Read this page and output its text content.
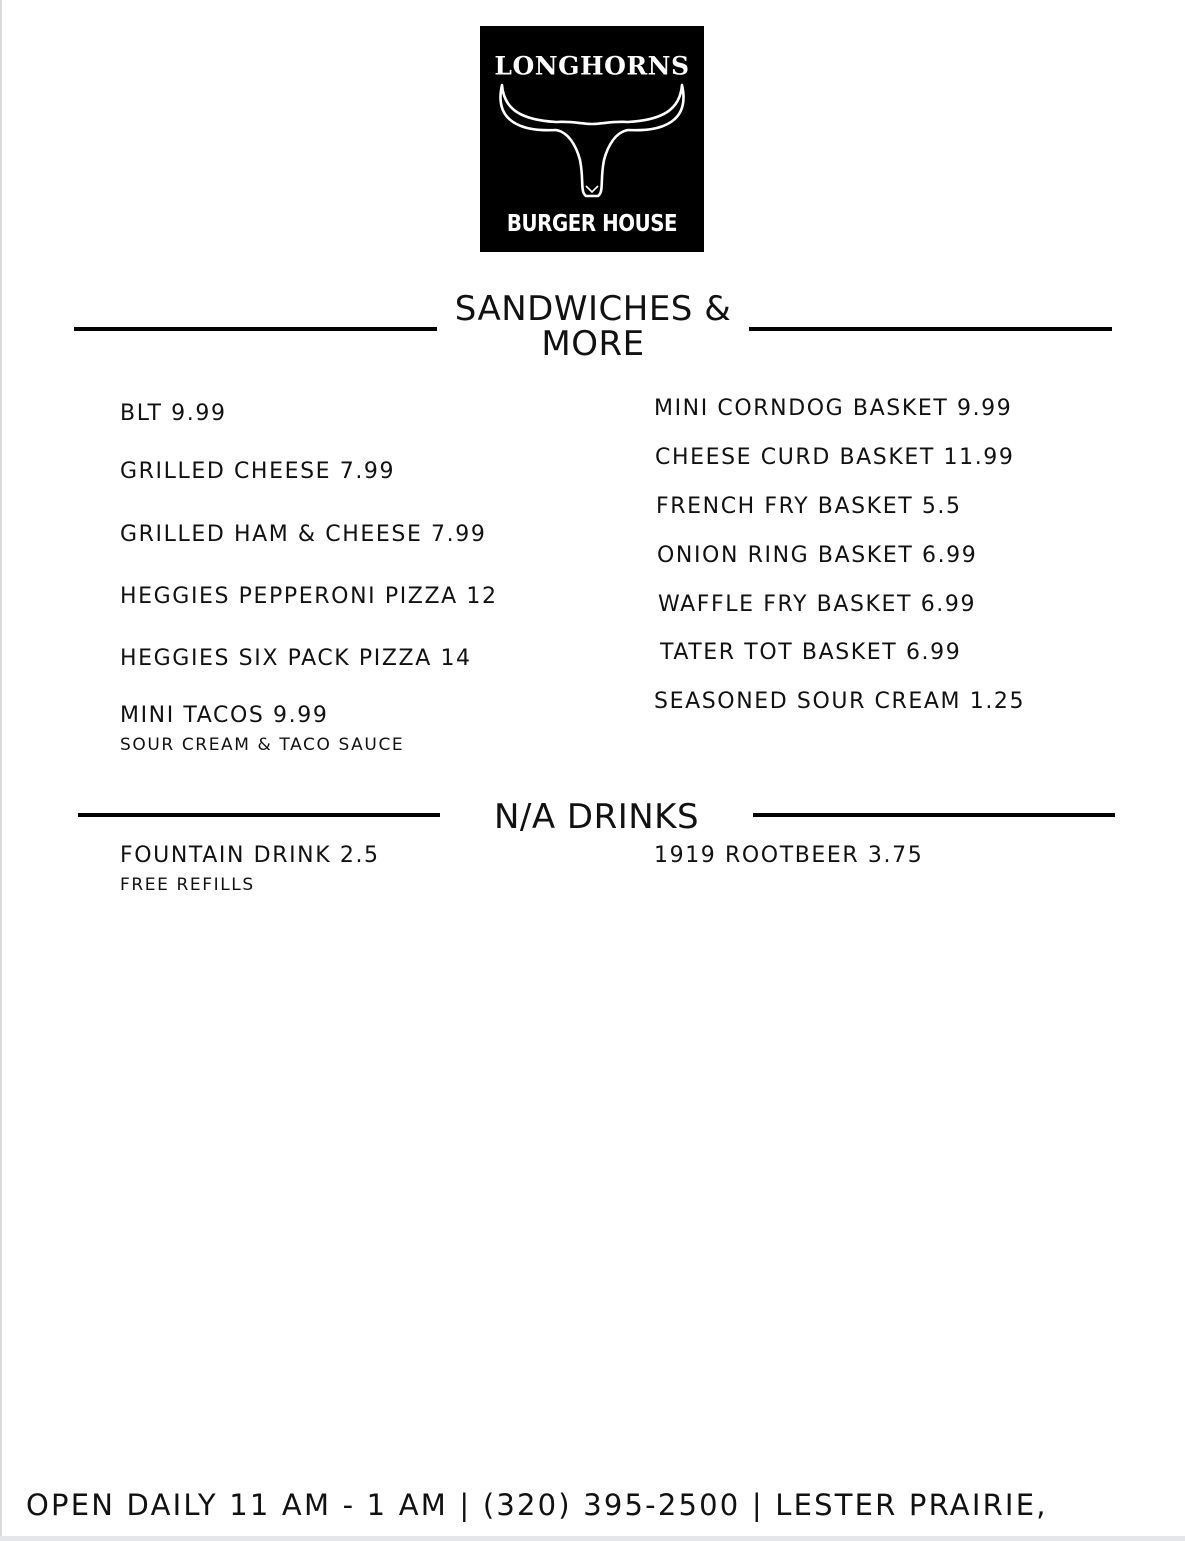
LONGHORNS
BURGER HOUSE
SANDWICHES &
MORE
BLT 9.99
GRILLED CHEESE 7.99
GRILLED HAM & CHEESE 7.99
HEGGIES PEPPERONI PIZZA 12
HEGGIES SIX PACK PIZZA 14
MINI TACOS 9.99
SOUR CREAM & TACO SAUCE
MINI CORNDOG BASKET 9.99
CHEESE CURD BASKET 11.99
FRENCH FRY BASKET 5.5
ONION RING BASKET 6.99
WAFFLE FRY BASKET 6.99
TATER TOT BASKET 6.99
SEASONED SOUR CREAM 1.25
N/A DRINKS
FOUNTAIN DRINK 2.5
FREE REFILLS
1919 ROOTBEER 3.75
OPEN DAILY 11 AM - 1 AM | (320) 395-2500 | LESTER PRAIRIE,
